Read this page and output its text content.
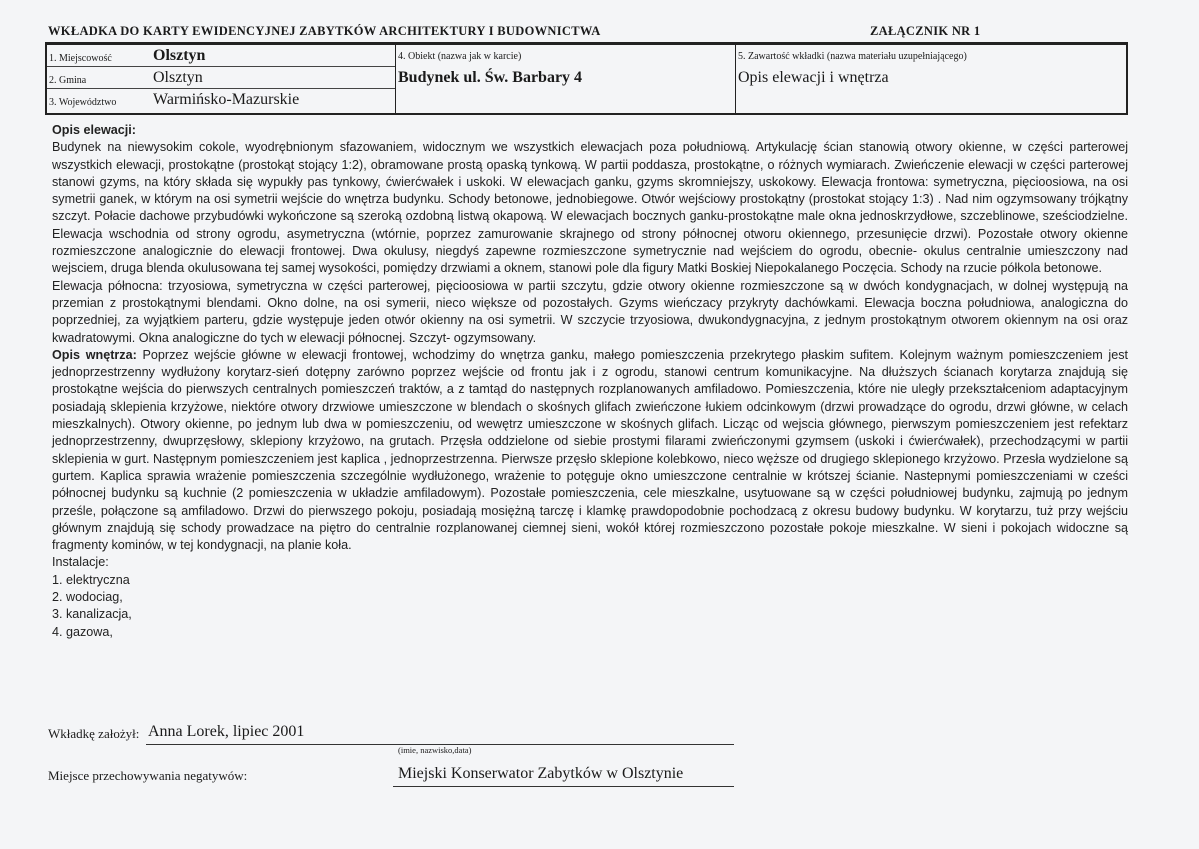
WKŁADKA DO KARTY EWIDENCYJNEJ ZABYTKÓW ARCHITEKTURY I BUDOWNICTWA	ZAŁĄCZNIK NR 1
1. Miejscowość	Olsztyn
2. Gmina	Olsztyn
3. Województwo Warmińsko-Mazurskie
4. Obiekt (nazwa jak w karcie)
Budynek ul. Św. Barbary 4
5. Zawartość wkładki (nazwa materiału uzupełniającego)
Opis elewacji i wnętrza

Opis elewacji:

Budynek na niewysokim cokole, wyodrębnionym sfazowaniem, widocznym we wszystkich elewacjach poza południową. Artykulację ścian stanowią otwory okienne, w części parterowej wszystkich elewacji, prostokątne (prostokąt stojący 1:2), obramowane prostą opaską tynkową. W partii poddasza, prostokątne, o różnych wymiarach. Zwieńczenie elewacji w części parterowej stanowi gzyms, na który składa się wypukły pas tynkowy, ćwierćwałek i uskoki. W elewacjach ganku, gzyms skromniejszy, uskokowy. Elewacja frontowa: symetryczna, pięcioosiowa, na osi symetrii ganek, w którym na osi symetrii wejście do wnętrza budynku. Schody betonowe, jednobiegowe. Otwór wejściowy prostokątny (prostokat stojący 1:3) . Nad nim ogzymsowany trójkątny szczyt. Połacie dachowe przybudówki wykończone są szeroką ozdobną listwą okapową. W elewacjach bocznych ganku-prostokątne male okna jednoskrzydłowe, szczeblinowe, sześciodzielne. Elewacja wschodnia od strony ogrodu, asymetryczna (wtórnie, poprzez zamurowanie skrajnego od strony północnej otworu okiennego, przesunięcie drzwi). Pozostałe otwory okienne rozmieszczone analogicznie do elewacji frontowej. Dwa okulusy, niegdyś zapewne rozmieszczone symetrycznie nad wejściem do ogrodu, obecnie- okulus centralnie umieszczony nad wejsciem, druga blenda okulusowana tej samej wysokości, pomiędzy drzwiami a oknem, stanowi pole dla figury Matki Boskiej Niepokalanego Poczęcia. Schody na rzucie półkola betonowe.

Elewacja północna: trzyosiowa, symetryczna w części parterowej, pięcioosiowa w partii szczytu, gdzie otwory okienne rozmieszczone są w dwóch kondygnacjach, w dolnej występują na przemian z prostokątnymi blendami. Okno dolne, na osi symerii, nieco większe od pozostałych. Gzyms wieńczacy przykryty dachówkami. Elewacja boczna południowa, analogiczna do poprzedniej, za wyjątkiem parteru, gdzie występuje jeden otwór okienny na osi symetrii. W szczycie trzyosiowa, dwukondygnacyjna, z jednym prostokątnym otworem okiennym na osi oraz kwadratowymi. Okna analogiczne do tych w elewacji północnej. Szczyt- ogzymsowany.

Opis wnętrza: Poprzez wejście główne w elewacji frontowej, wchodzimy do wnętrza ganku, małego pomieszczenia przekrytego płaskim sufitem. Kolejnym ważnym pomieszczeniem jest jednoprzestrzenny wydłużony korytarz-sień dotępny zarówno poprzez wejście od frontu jak i z ogrodu, stanowi centrum komunikacyjne. Na dłuższych ścianach korytarza znajdują się prostokątne wejścia do pierwszych centralnych pomieszczeń traktów, a z tamtąd do następnych rozplanowanych amfiladowo. Pomieszczenia, które nie uległy przekształceniom adaptacyjnym posiadają sklepienia krzyżowe, niektóre otwory drzwiowe umieszczone w blendach o skośnych glifach zwieńczone łukiem odcinkowym (drzwi prowadzące do ogrodu, drzwi główne, w celach mieszkalnych). Otwory okienne, po jednym lub dwa w pomieszczeniu, od wewętrz umieszczone w skośnych glifach. Licząc od wejscia głównego, pierwszym pomieszczeniem jest refektarz jednoprzestrzenny, dwuprzęsłowy, sklepiony krzyżowo, na grutach. Przęsła oddzielone od siebie prostymi filarami zwieńczonymi gzymsem (uskoki i ćwierćwałek), przechodzącymi w partii sklepienia w gurt. Następnym pomieszczeniem jest kaplica , jednoprzestrzenna. Pierwsze przęsło sklepione kolebkowo, nieco węższe od drugiego sklepionego krzyżowo. Przesła wydzielone są gurtem. Kaplica sprawia wrażenie pomieszczenia szczególnie wydłużonego, wrażenie to potęguje okno umieszczone centralnie w krótszej ścianie. Nastepnymi pomieszczeniami w cześci północnej budynku są kuchnie (2 pomieszczenia w układzie amfiladowym). Pozostałe pomieszczenia, cele mieszkalne, usytuowane są w części południowej budynku, zajmują po jednym prześle, połączone są amfiladowo. Drzwi do pierwszego pokoju, posiadają mosiężną tarczę i klamkę prawdopodobnie pochodzacą z okresu budowy budynku. W korytarzu, tuż przy wejściu głównym znajdują się schody prowadzace na piętro do centralnie rozplanowanej ciemnej sieni, wokół której rozmieszczono pozostałe pokoje mieszkalne. W sieni i pokojach widoczne są fragmenty kominów, w tej kondygnacji, na planie koła.

Instalacje:

1. elektryczna
2. wodociag,
3. kanalizacja,
4. gazowa,
Wkładkę założył: Anna Lorek, lipiec 2001
(imie, nazwisko,data)
Miejsce przechowywania negatywów:	Miejski Konserwator Zabytków w Olsztynie
